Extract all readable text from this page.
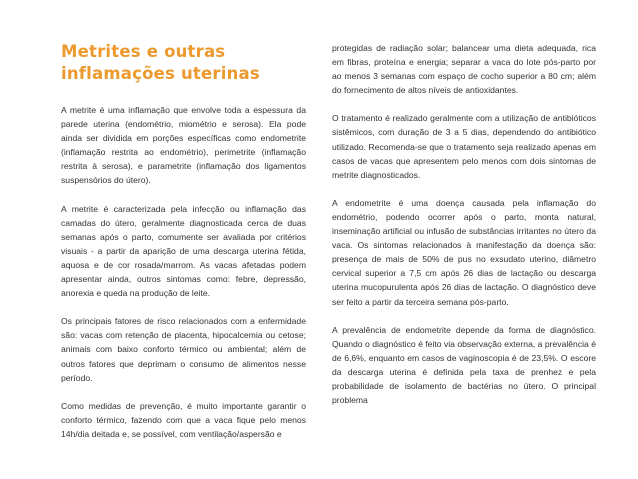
Metrites e outras inflamações uterinas

A metrite é uma inflamação que envolve toda a espessura da parede uterina (endométrio, miométrio e serosa). Ela pode ainda ser dividida em porções específicas como endometrite (inflamação restrita ao endométrio), perimetrite (inflamação restrita à serosa), e parametrite (inflamação dos ligamentos suspensórios do útero).

A metrite é caracterizada pela infecção ou inflamação das camadas do útero, geralmente diagnosticada cerca de duas semanas após o parto, comumente ser avaliada por critérios visuais - a partir da aparição de uma descarga uterina fétida, aquosa e de cor rosada/marrom. As vacas afetadas podem apresentar ainda, outros sintomas como: febre, depressão, anorexia e queda na produção de leite.

Os principais fatores de risco relacionados com a enfermidade são: vacas com retenção de placenta, hipocalcemia ou cetose; animais com baixo conforto térmico ou ambiental; além de outros fatores que deprimam o consumo de alimentos nesse período.

Como medidas de prevenção, é muito importante garantir o conforto térmico, fazendo com que a vaca fique pelo menos 14h/dia deitada e, se possível, com ventilação/aspersão e

protegidas de radiação solar; balancear uma dieta adequada, rica em fibras, proteína e energia; separar a vaca do lote pós-parto por ao menos 3 semanas com espaço de cocho superior a 80 cm; além do fornecimento de altos níveis de antioxidantes.

O tratamento é realizado geralmente com a utilização de antibióticos sistêmicos, com duração de 3 a 5 dias, dependendo do antibiótico utilizado. Recomenda-se que o tratamento seja realizado apenas em casos de vacas que apresentem pelo menos com dois sintomas de metrite diagnosticados.

A endometrite é uma doença causada pela inflamação do endométrio, podendo ocorrer após o parto, monta natural, inseminação artificial ou infusão de substâncias irritantes no útero da vaca. Os sintomas relacionados à manifestação da doença são: presença de mais de 50% de pus no exsudato uterino, diâmetro cervical superior a 7,5 cm após 26 dias de lactação ou descarga uterina mucopurulenta após 26 dias de lactação. O diagnóstico deve ser feito a partir da terceira semana pós-parto.

A prevalência de endometrite depende da forma de diagnóstico. Quando o diagnóstico é feito via observação externa, a prevalência é de 6,6%, enquanto em casos de vaginoscopia é de 23,5%. O escore da descarga uterina é definida pela taxa de prenhez e pela probabilidade de isolamento de bactérias no útero. O principal problema
